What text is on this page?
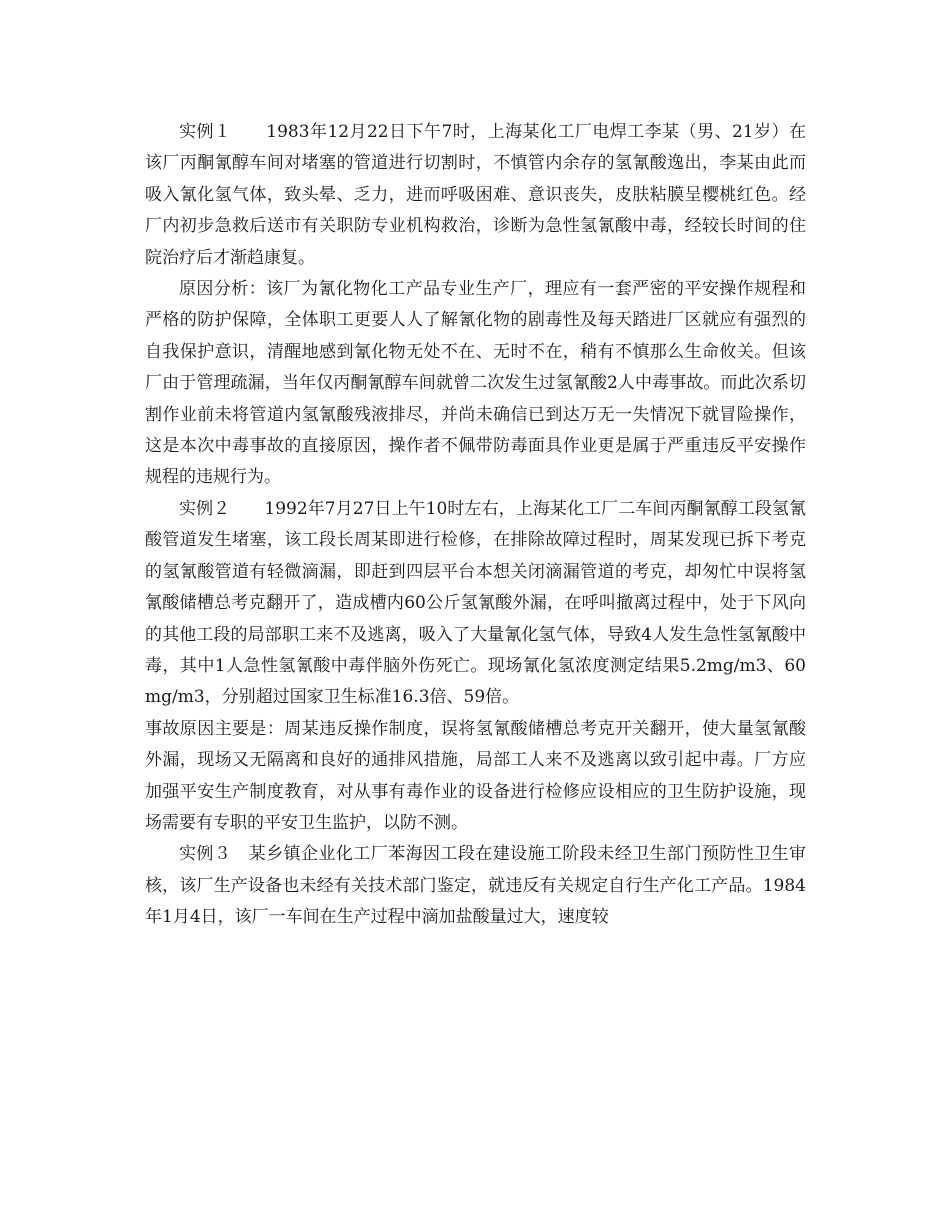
实例１　　1983年12月22日下午7时，上海某化工厂电焊工李某（男、21岁）在该厂丙酮氰醇车间对堵塞的管道进行切割时，不慎管内余存的氢氰酸逸出，李某由此而吸入氰化氢气体，致头晕、乏力，进而呼吸困难、意识丧失，皮肤粘膜呈樱桃红色。经厂内初步急救后送市有关职防专业机构救治，诊断为急性氢氰酸中毒，经较长时间的住院治疗后才渐趋康复。

原因分析：该厂为氰化物化工产品专业生产厂，理应有一套严密的平安操作规程和严格的防护保障，全体职工更要人人了解氰化物的剧毒性及每天踏进厂区就应有强烈的自我保护意识，清醒地感到氰化物无处不在、无时不在，稍有不慎那么生命攸关。但该厂由于管理疏漏，当年仅丙酮氰醇车间就曾二次发生过氢氰酸2人中毒事故。而此次系切割作业前未将管道内氢氰酸残液排尽，并尚未确信已到达万无一失情况下就冒险操作，这是本次中毒事故的直接原因，操作者不佩带防毒面具作业更是属于严重违反平安操作规程的违规行为。

实例２　　1992年7月27日上午10时左右，上海某化工厂二车间丙酮氰醇工段氢氰酸管道发生堵塞，该工段长周某即进行检修，在排除故障过程时，周某发现已拆下考克的氢氰酸管道有轻微滴漏，即赶到四层平台本想关闭滴漏管道的考克，却匆忙中误将氢氰酸储槽总考克翻开了，造成槽内60公斤氢氰酸外漏，在呼叫撤离过程中，处于下风向的其他工段的局部职工来不及逃离，吸入了大量氰化氢气体，导致4人发生急性氢氰酸中毒，其中1人急性氢氰酸中毒伴脑外伤死亡。现场氰化氢浓度测定结果5.2mg/m3、60 mg/m3，分别超过国家卫生标准16.3倍、59倍。

事故原因主要是：周某违反操作制度，误将氢氰酸储槽总考克开关翻开，使大量氢氰酸外漏，现场又无隔离和良好的通排风措施，局部工人来不及逃离以致引起中毒。厂方应加强平安生产制度教育，对从事有毒作业的设备进行检修应设相应的卫生防护设施，现场需要有专职的平安卫生监护，以防不测。

实例３　某乡镇企业化工厂苯海因工段在建设施工阶段未经卫生部门预防性卫生审核，该厂生产设备也未经有关技术部门鉴定，就违反有关规定自行生产化工产品。1984年1月4日，该厂一车间在生产过程中滴加盐酸量过大，速度较
